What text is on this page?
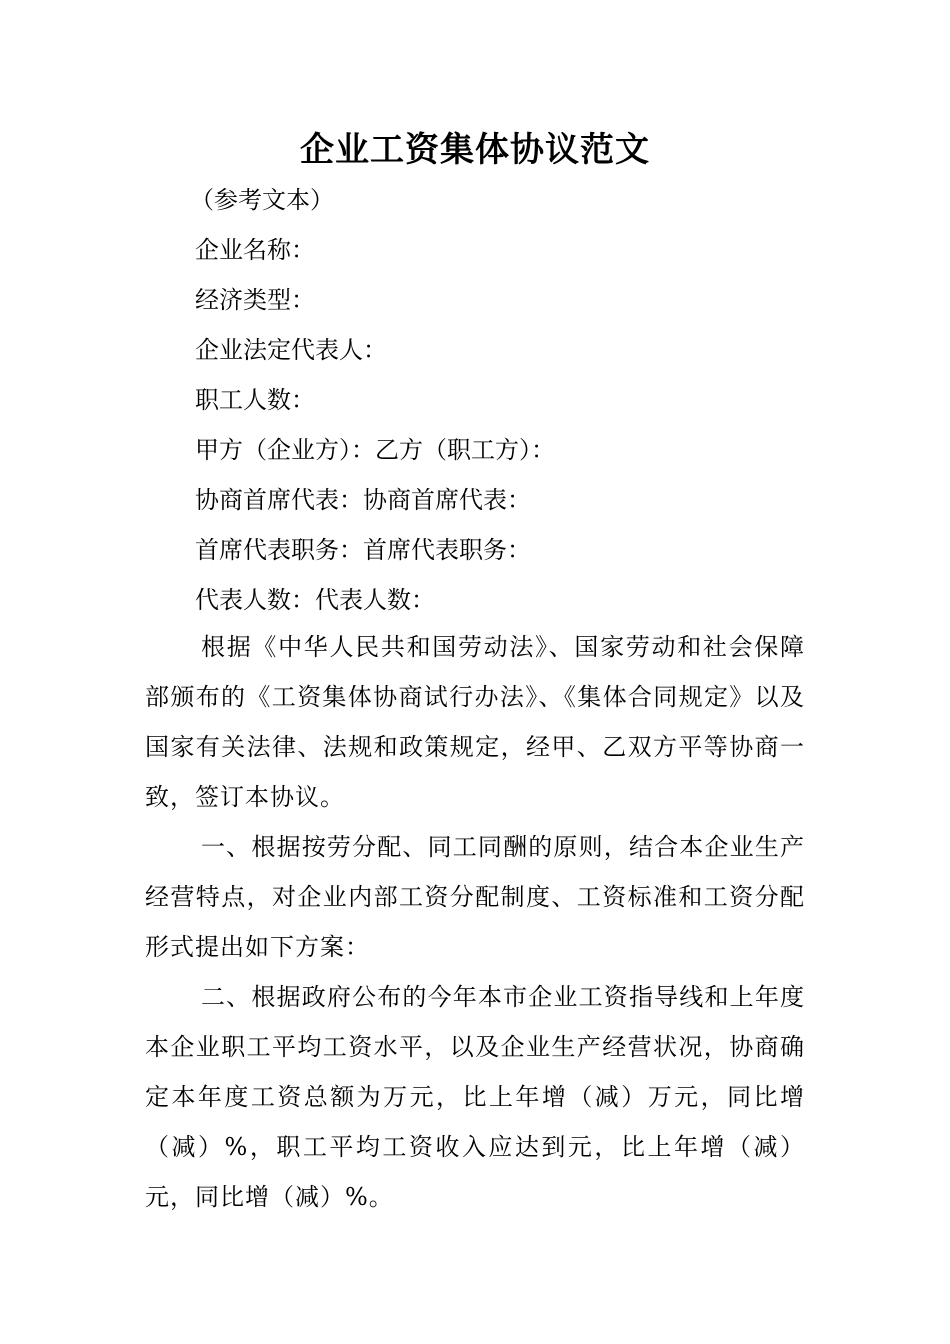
企业工资集体协议范文
（参考文本）
企业名称：
经济类型：
企业法定代表人：
职工人数：
甲方（企业方）：乙方（职工方）：
协商首席代表：协商首席代表：
首席代表职务：首席代表职务：
代表人数：代表人数：
根据《中华人民共和国劳动法》、国家劳动和社会保障部颁布的《工资集体协商试行办法》、《集体合同规定》以及国家有关法律、法规和政策规定，经甲、乙双方平等协商一致，签订本协议。
一、根据按劳分配、同工同酬的原则，结合本企业生产经营特点，对企业内部工资分配制度、工资标准和工资分配形式提出如下方案：
二、根据政府公布的今年本市企业工资指导线和上年度本企业职工平均工资水平，以及企业生产经营状况，协商确定本年度工资总额为万元，比上年增（减）万元，同比增（减）%，职工平均工资收入应达到元，比上年增（减）元，同比增（减）%。
